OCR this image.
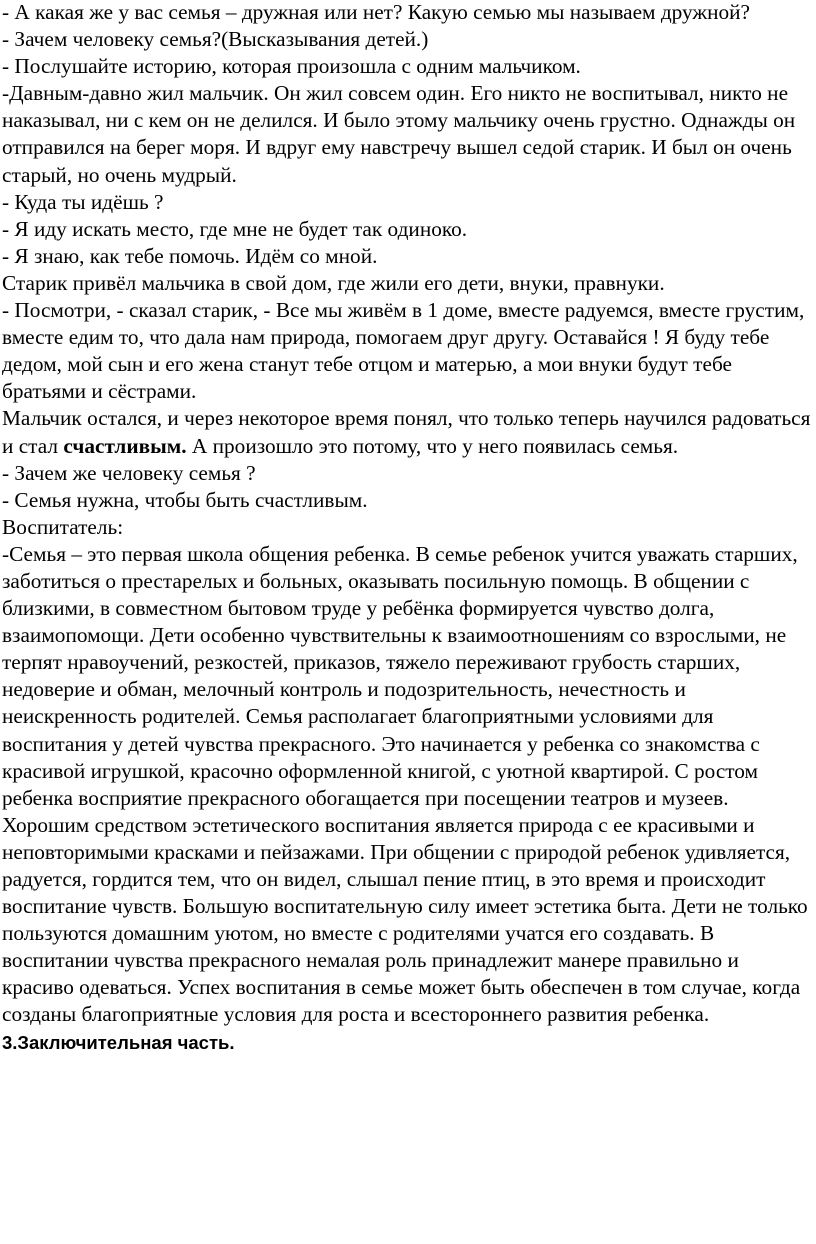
- А какая же у вас семья – дружная или нет? Какую семью мы называем дружной?

- Зачем человеку семья?(Высказывания детей.)

- Послушайте историю, которая произошла с одним мальчиком.

-Давным-давно жил мальчик. Он жил совсем один. Его никто не воспитывал, никто не наказывал, ни с кем он не делился. И было этому мальчику очень грустно. Однажды он отправился на берег моря. И вдруг ему навстречу вышел седой старик. И был он очень старый, но очень мудрый.

- Куда ты идёшь ?

- Я иду искать место, где мне не будет так одиноко.

- Я знаю, как тебе помочь. Идём со мной.

Старик привёл мальчика в свой дом, где жили его дети, внуки, правнуки.

- Посмотри, - сказал старик, - Все мы живём в 1 доме, вместе радуемся, вместе грустим, вместе едим то, что дала нам природа, помогаем друг другу. Оставайся ! Я буду тебе дедом, мой сын и его жена станут тебе отцом и матерью, а мои внуки будут тебе братьями и сёстрами.

Мальчик остался, и через некоторое время понял, что только теперь научился радоваться и стал счастливым. А произошло это потому, что у него появилась семья.

- Зачем же человеку семья ?

- Семья нужна, чтобы быть счастливым.

Воспитатель:

-Семья – это первая школа общения ребенка. В семье ребенок учится уважать старших, заботиться о престарелых и больных, оказывать посильную помощь. В общении с близкими, в совместном бытовом труде у ребёнка формируется чувство долга, взаимопомощи. Дети особенно чувствительны к взаимоотношениям со взрослыми, не терпят нравоучений, резкостей, приказов, тяжело переживают грубость старших, недоверие и обман, мелочный контроль и подозрительность, нечестность и неискренность родителей. Семья располагает благоприятными условиями для воспитания у детей чувства прекрасного. Это начинается у ребенка со знакомства с красивой игрушкой, красочно оформленной книгой, с уютной квартирой. С ростом ребенка восприятие прекрасного обогащается при посещении театров и музеев. Хорошим средством эстетического воспитания является природа с ее красивыми и неповторимыми красками и пейзажами. При общении с природой ребенок удивляется, радуется, гордится тем, что он видел, слышал пение птиц, в это время и происходит воспитание чувств. Большую воспитательную силу имеет эстетика быта. Дети не только пользуются домашним уютом, но вместе с родителями учатся его создавать. В воспитании чувства прекрасного немалая роль принадлежит манере правильно и красиво одеваться. Успех воспитания в семье может быть обеспечен в том случае, когда созданы благоприятные условия для роста и всестороннего развития ребенка.

3.Заключительная часть.
